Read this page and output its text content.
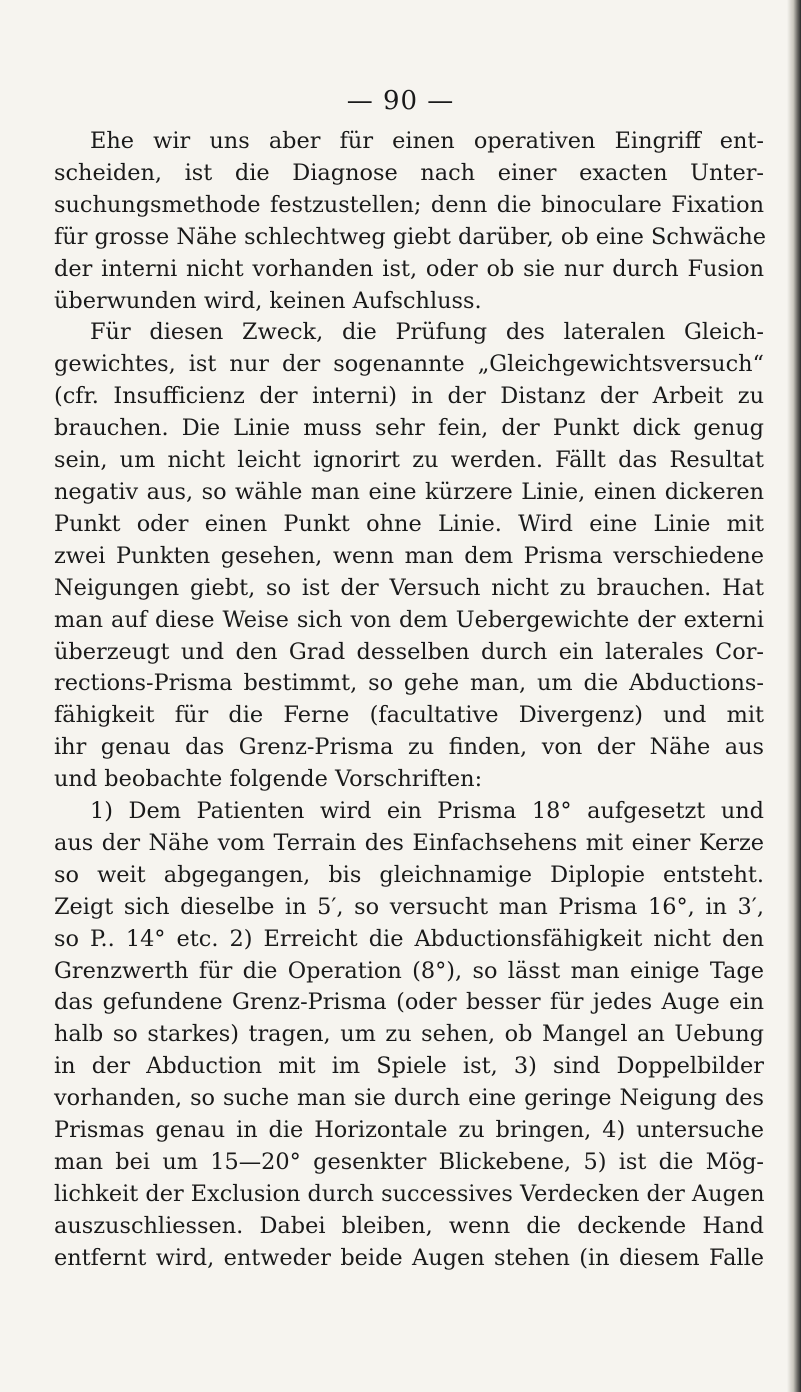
— 90 —
Ehe wir uns aber für einen operativen Eingriff ent-
scheiden, ist die Diagnose nach einer exacten Unter-
suchungsmethode festzustellen; denn die binoculare Fixation
für grosse Nähe schlechtweg giebt darüber, ob eine Schwäche
der interni nicht vorhanden ist, oder ob sie nur durch Fusion
überwunden wird, keinen Aufschluss.
Für diesen Zweck, die Prüfung des lateralen Gleich-
gewichtes, ist nur der sogenannte „Gleichgewichtsversuch“
(cfr. Insufficienz der interni) in der Distanz der Arbeit zu
brauchen. Die Linie muss sehr fein, der Punkt dick genug
sein, um nicht leicht ignorirt zu werden. Fällt das Resultat
negativ aus, so wähle man eine kürzere Linie, einen dickeren
Punkt oder einen Punkt ohne Linie. Wird eine Linie mit
zwei Punkten gesehen, wenn man dem Prisma verschiedene
Neigungen giebt, so ist der Versuch nicht zu brauchen. Hat
man auf diese Weise sich von dem Uebergewichte der externi
überzeugt und den Grad desselben durch ein laterales Cor-
rections-Prisma bestimmt, so gehe man, um die Abductions-
fähigkeit für die Ferne (facultative Divergenz) und mit
ihr genau das Grenz-Prisma zu finden, von der Nähe aus
und beobachte folgende Vorschriften:
1) Dem Patienten wird ein Prisma 18° aufgesetzt und
aus der Nähe vom Terrain des Einfachsehens mit einer Kerze
so weit abgegangen, bis gleichnamige Diplopie entsteht.
Zeigt sich dieselbe in 5′, so versucht man Prisma 16°, in 3′,
so P.. 14° etc. 2) Erreicht die Abductionsfähigkeit nicht den
Grenzwerth für die Operation (8°), so lässt man einige Tage
das gefundene Grenz-Prisma (oder besser für jedes Auge ein
halb so starkes) tragen, um zu sehen, ob Mangel an Uebung
in der Abduction mit im Spiele ist, 3) sind Doppelbilder
vorhanden, so suche man sie durch eine geringe Neigung des
Prismas genau in die Horizontale zu bringen, 4) untersuche
man bei um 15—20° gesenkter Blickebene, 5) ist die Mög-
lichkeit der Exclusion durch successives Verdecken der Augen
auszuschliessen. Dabei bleiben, wenn die deckende Hand
entfernt wird, entweder beide Augen stehen (in diesem Falle
